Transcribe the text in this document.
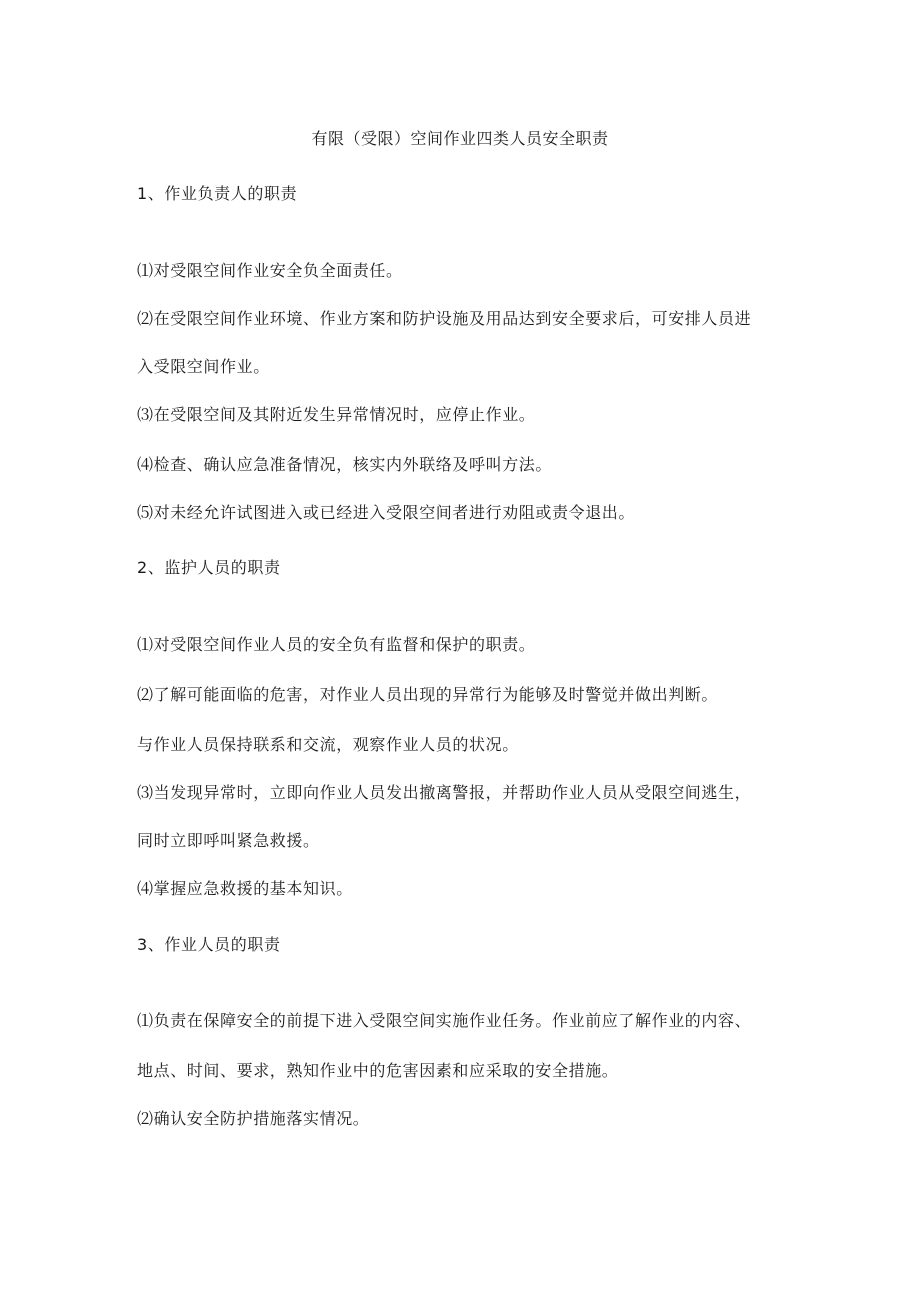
有限（受限）空间作业四类人员安全职责
1、作业负责人的职责
⑴对受限空间作业安全负全面责任。
⑵在受限空间作业环境、作业方案和防护设施及用品达到安全要求后，可安排人员进
入受限空间作业。
⑶在受限空间及其附近发生异常情况时，应停止作业。
⑷检查、确认应急准备情况，核实内外联络及呼叫方法。
⑸对未经允许试图进入或已经进入受限空间者进行劝阻或责令退出。
2、监护人员的职责
⑴对受限空间作业人员的安全负有监督和保护的职责。
⑵了解可能面临的危害，对作业人员出现的异常行为能够及时警觉并做出判断。
与作业人员保持联系和交流，观察作业人员的状况。
⑶当发现异常时，立即向作业人员发出撤离警报，并帮助作业人员从受限空间逃生，
同时立即呼叫紧急救援。
⑷掌握应急救援的基本知识。
3、作业人员的职责
⑴负责在保障安全的前提下进入受限空间实施作业任务。作业前应了解作业的内容、
地点、时间、要求，熟知作业中的危害因素和应采取的安全措施。
⑵确认安全防护措施落实情况。
